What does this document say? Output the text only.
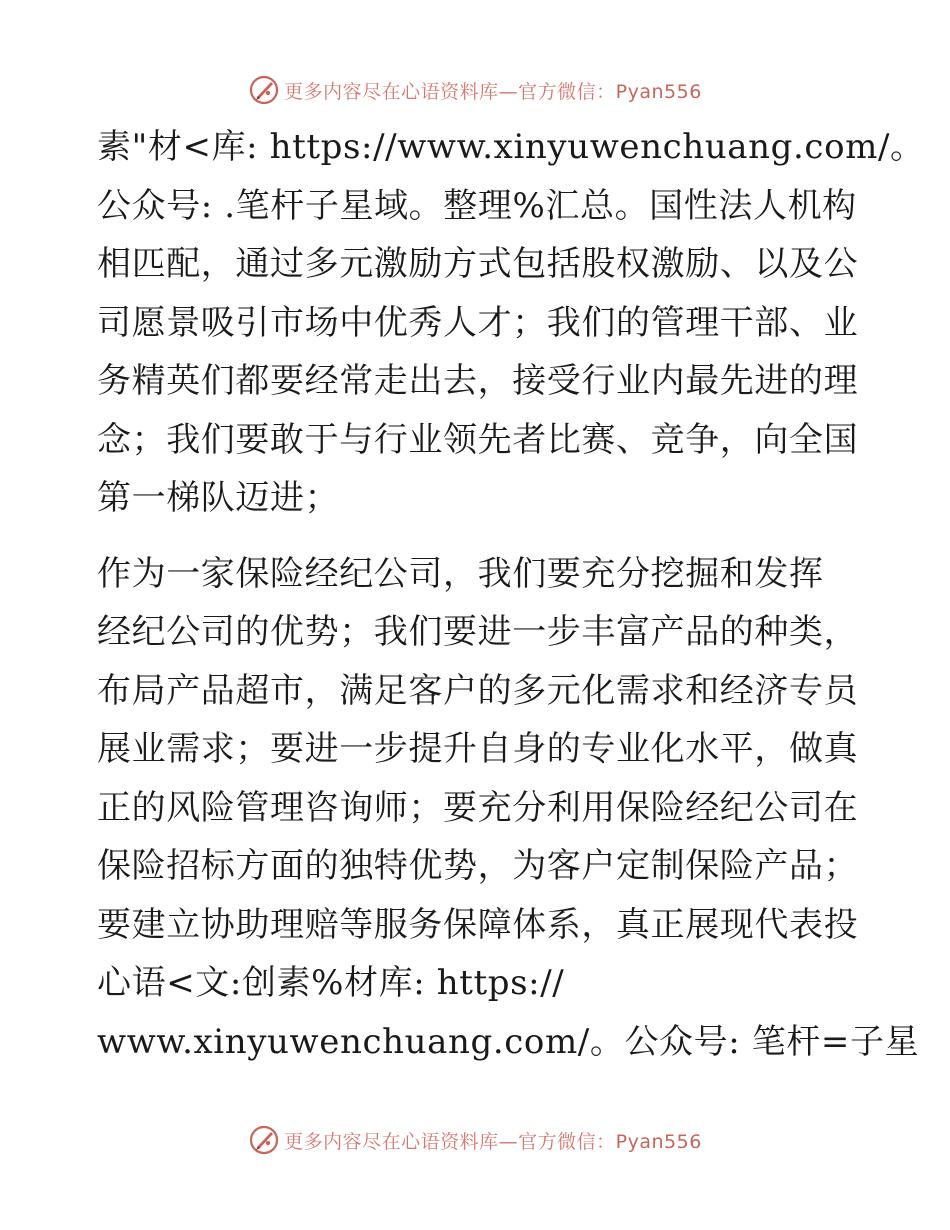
更多内容尽在心语资料库—官方微信：Pyan556
素"材<库: https://www.xinyuwenchuang.com/。
公众号: .笔杆子星域。整理%汇总。国性法人机构
相匹配，通过多元激励方式包括股权激励、以及公
司愿景吸引市场中优秀人才；我们的管理干部、业
务精英们都要经常走出去，接受行业内最先进的理
念；我们要敢于与行业领先者比赛、竞争，向全国
第一梯队迈进；
作为一家保险经纪公司，我们要充分挖掘和发挥
经纪公司的优势；我们要进一步丰富产品的种类，
布局产品超市，满足客户的多元化需求和经济专员
展业需求；要进一步提升自身的专业化水平，做真
正的风险管理咨询师；要充分利用保险经纪公司在
保险招标方面的独特优势，为客户定制保险产品；
要建立协助理赔等服务保障体系，真正展现代表投
心语<文:创素%材库: https://
www.xinyuwenchuang.com/。公众号: 笔杆=子星
更多内容尽在心语资料库—官方微信：Pyan556
